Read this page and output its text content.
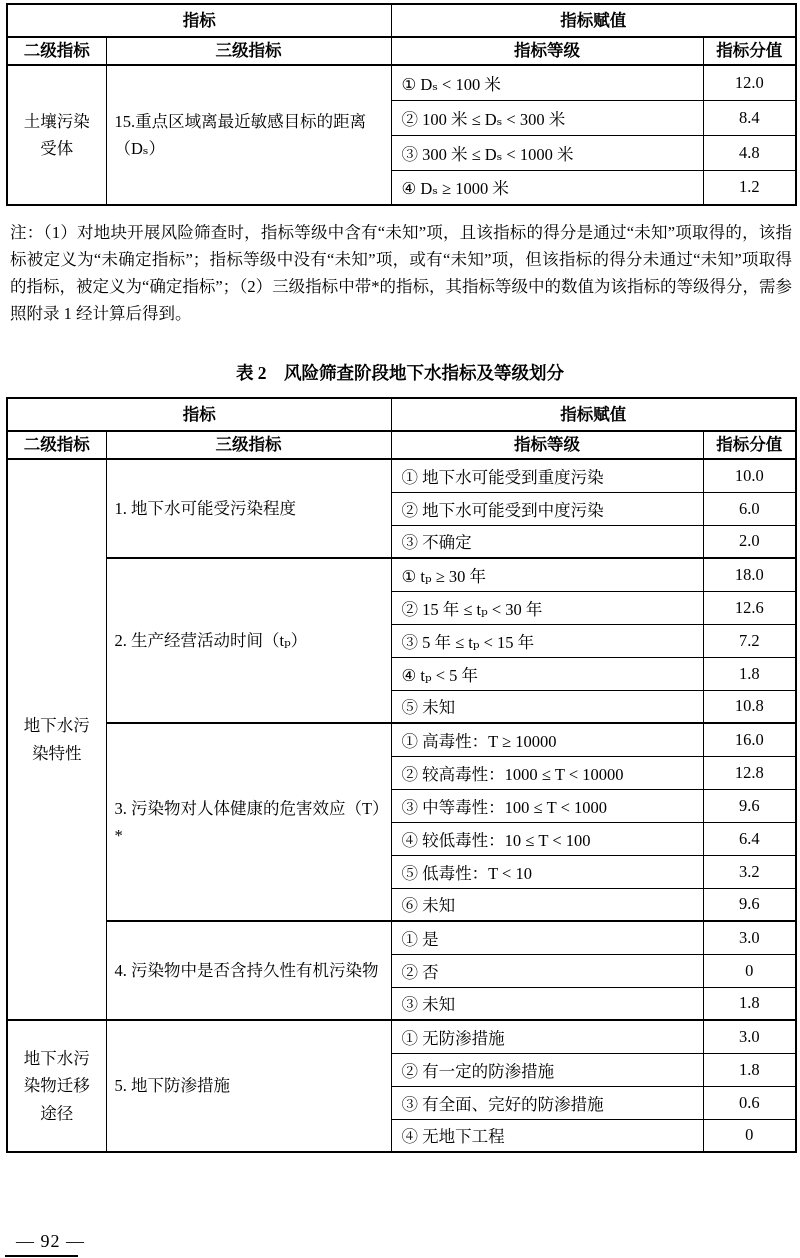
指标		指标赋值	
二级指标	三级指标	指标等级	指标分值
土壤污染受体	15.重点区域离最近敏感目标的距离（Dₛ）	① Dₛ < 100 米	12.0
		② 100 米 ≤ Dₛ < 300 米	8.4
		③ 300 米 ≤ Dₛ < 1000 米	4.8
		④ Dₛ ≥ 1000 米	1.2

注：（1）对地块开展风险筛查时，指标等级中含有“未知”项，且该指标的得分是通过“未知”项取得的，该指标被定义为“未确定指标”；指标等级中没有“未知”项，或有“未知”项，但该指标的得分未通过“未知”项取得的指标，被定义为“确定指标”；（2）三级指标中带*的指标，其指标等级中的数值为该指标的等级得分，需参照附录 1 经计算后得到。

表 2　风险筛查阶段地下水指标及等级划分
指标		指标赋值	
二级指标	三级指标	指标等级	指标分值
地下水污染特性	1. 地下水可能受污染程度	① 地下水可能受到重度污染	10.0
		② 地下水可能受到中度污染	6.0
		③ 不确定	2.0
	2. 生产经营活动时间（tₚ）	① tₚ ≥ 30 年	18.0
		② 15 年 ≤ tₚ < 30 年	12.6
		③ 5 年 ≤ tₚ < 15 年	7.2
		④ tₚ < 5 年	1.8
		⑤ 未知	10.8
	3. 污染物对人体健康的危害效应（T）*	① 高毒性：T ≥ 10000	16.0
		② 较高毒性：1000 ≤ T < 10000	12.8
		③ 中等毒性：100 ≤ T < 1000	9.6
		④ 较低毒性：10 ≤ T < 100	6.4
		⑤ 低毒性：T < 10	3.2
		⑥ 未知	9.6
	4. 污染物中是否含持久性有机污染物	① 是	3.0
		② 否	0
		③ 未知	1.8
地下水污染物迁移途径	5. 地下防渗措施	① 无防渗措施	3.0
		② 有一定的防渗措施	1.8
		③ 有全面、完好的防渗措施	0.6
		④ 无地下工程	0
— 92 —
